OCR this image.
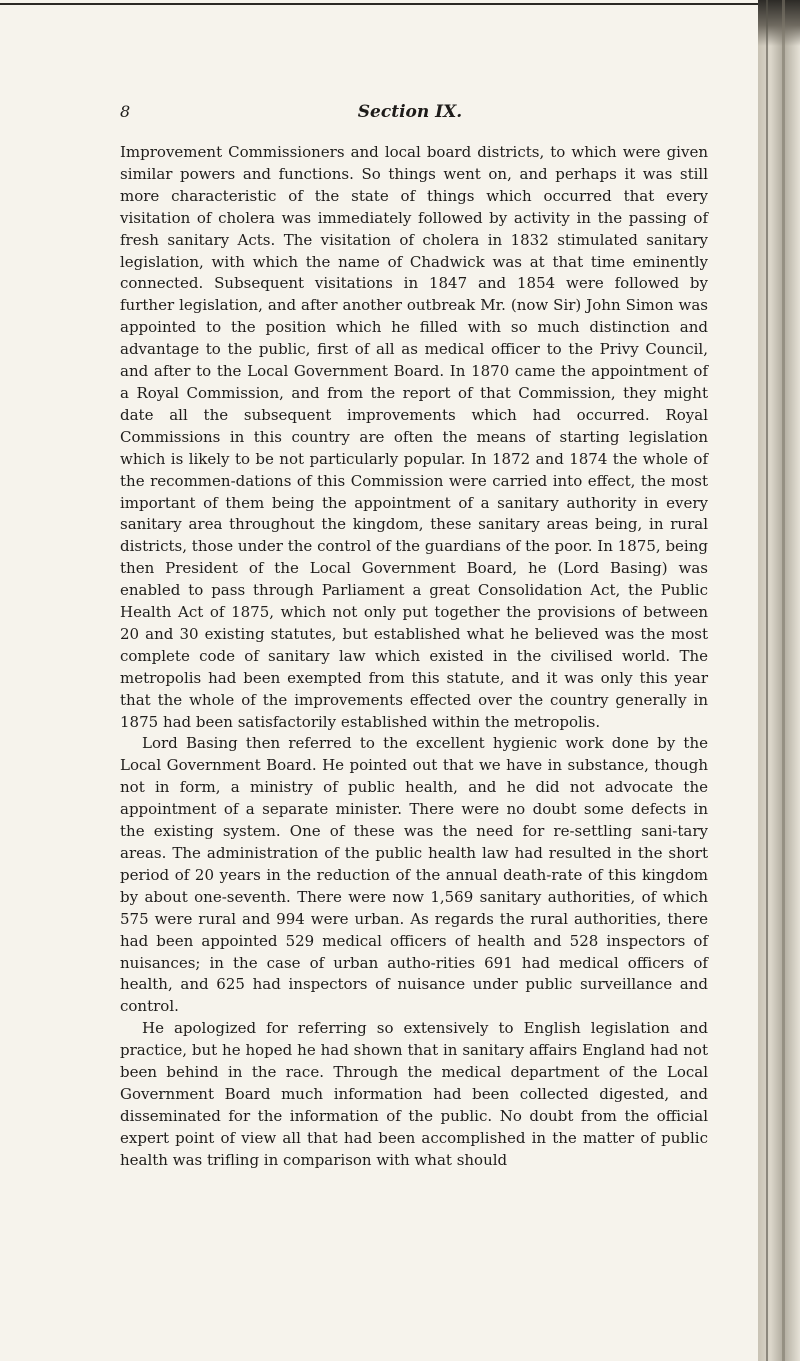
8	Section IX.

Improvement Commissioners and local board districts, to which were given similar powers and functions. So things went on, and perhaps it was still more characteristic of the state of things which occurred that every visitation of cholera was immediately followed by activity in the passing of fresh sanitary Acts. The visitation of cholera in 1832 stimulated sanitary legislation, with which the name of Chadwick was at that time eminently connected. Subsequent visitations in 1847 and 1854 were followed by further legislation, and after another outbreak Mr. (now Sir) John Simon was appointed to the position which he filled with so much distinction and advantage to the public, first of all as medical officer to the Privy Council, and after to the Local Government Board. In 1870 came the appointment of a Royal Commission, and from the report of that Commission, they might date all the subsequent improvements which had occurred. Royal Commissions in this country are often the means of starting legislation which is likely to be not particularly popular. In 1872 and 1874 the whole of the recommen-dations of this Commission were carried into effect, the most important of them being the appointment of a sanitary authority in every sanitary area throughout the kingdom, these sanitary areas being, in rural districts, those under the control of the guardians of the poor. In 1875, being then President of the Local Government Board, he (Lord Basing) was enabled to pass through Parliament a great Consolidation Act, the Public Health Act of 1875, which not only put together the provisions of between 20 and 30 existing statutes, but established what he believed was the most complete code of sanitary law which existed in the civilised world. The metropolis had been exempted from this statute, and it was only this year that the whole of the improvements effected over the country generally in 1875 had been satisfactorily established within the metropolis.

Lord Basing then referred to the excellent hygienic work done by the Local Government Board. He pointed out that we have in substance, though not in form, a ministry of public health, and he did not advocate the appointment of a separate minister. There were no doubt some defects in the existing system. One of these was the need for re-settling sani-tary areas. The administration of the public health law had resulted in the short period of 20 years in the reduction of the annual death-rate of this kingdom by about one-seventh. There were now 1,569 sanitary authorities, of which 575 were rural and 994 were urban. As regards the rural authorities, there had been appointed 529 medical officers of health and 528 inspectors of nuisances; in the case of urban autho-rities 691 had medical officers of health, and 625 had inspectors of nuisance under public surveillance and control.

He apologized for referring so extensively to English legislation and practice, but he hoped he had shown that in sanitary affairs England had not been behind in the race. Through the medical department of the Local Government Board much information had been collected digested, and disseminated for the information of the public. No doubt from the official expert point of view all that had been accomplished in the matter of public health was trifling in comparison with what should
